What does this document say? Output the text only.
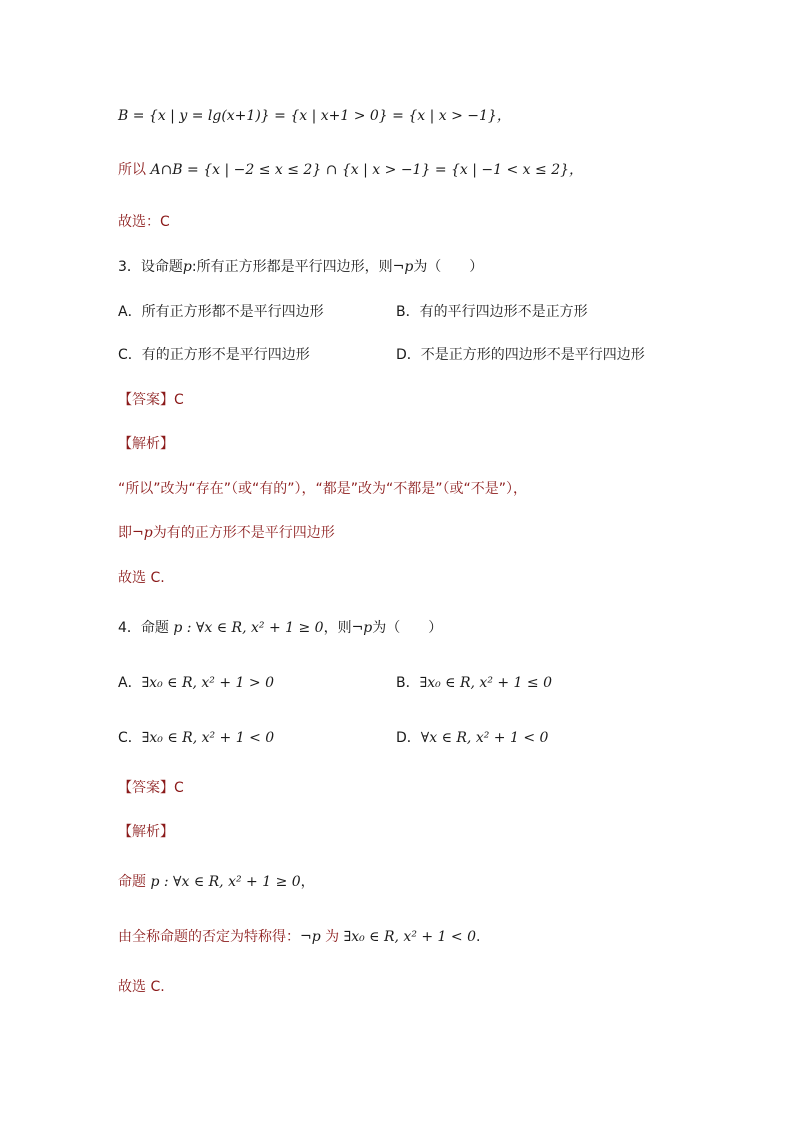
B = {x | y = lg(x+1)} = {x | x+1 > 0} = {x | x > −1}，
所以 A∩B = {x | −2 ≤ x ≤ 2} ∩ {x | x > −1} = {x | −1 < x ≤ 2}，
故选：C
3．设命题p:所有正方形都是平行四边形，则¬p为（　　）
A．所有正方形都不是平行四边形	B．有的平行四边形不是正方形
C．有的正方形不是平行四边形	D．不是正方形的四边形不是平行四边形
【答案】C
【解析】
“所以”改为“存在”（或“有的”），“都是”改为“不都是”（或“不是”），
即¬p为有的正方形不是平行四边形
故选 C.
4．命题 p : ∀x ∈ R, x² + 1 ≥ 0，则¬p为（　　）
A．∃x₀ ∈ R, x² + 1 > 0	B．∃x₀ ∈ R, x² + 1 ≤ 0
C．∃x₀ ∈ R, x² + 1 < 0	D．∀x ∈ R, x² + 1 < 0
【答案】C
【解析】
命题 p : ∀x ∈ R, x² + 1 ≥ 0，
由全称命题的否定为特称得：¬p 为 ∃x₀ ∈ R, x² + 1 < 0.
故选 C.
